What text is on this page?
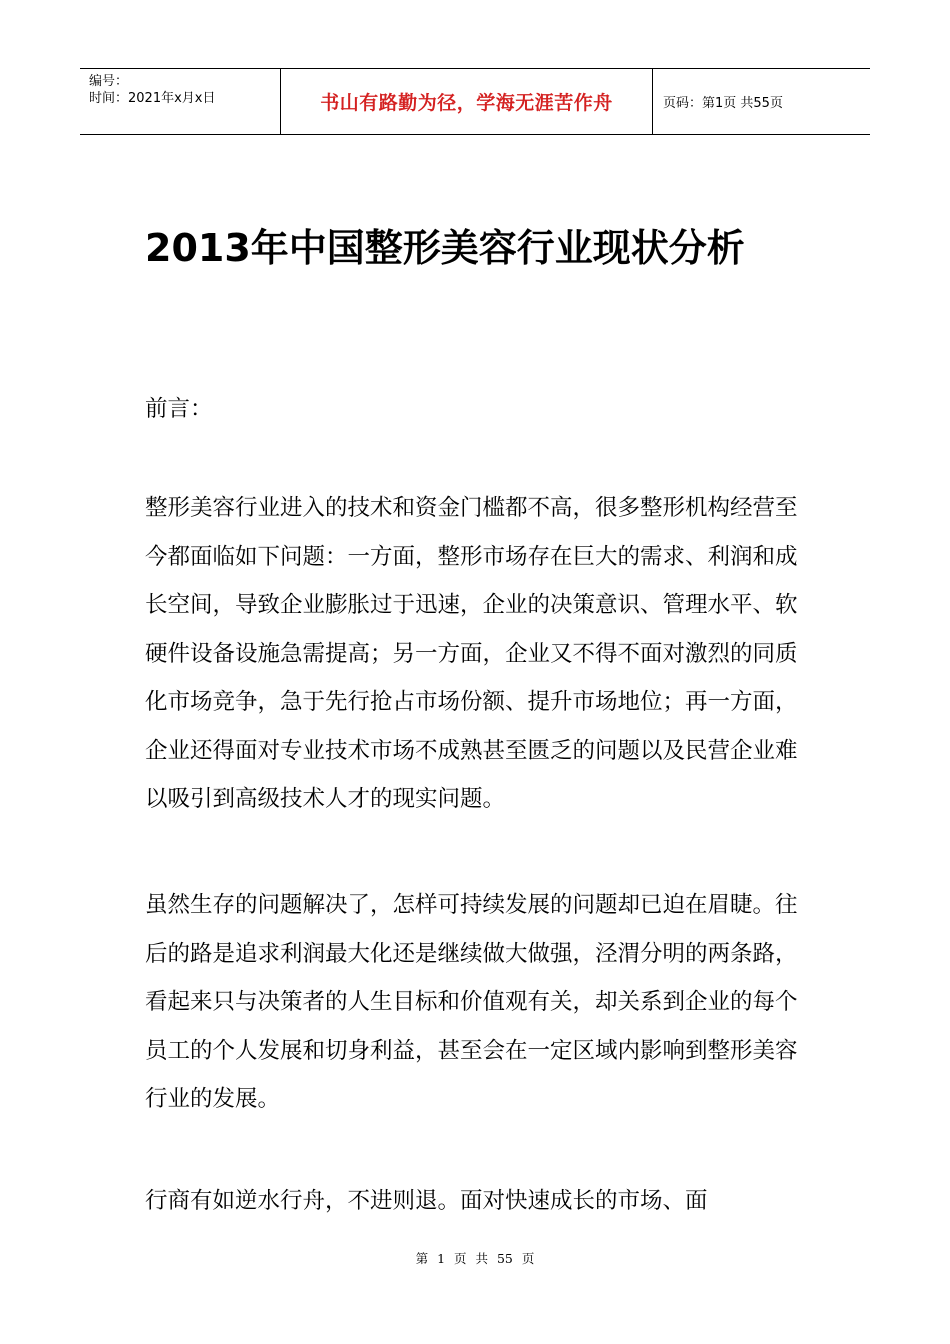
编号：
时间：2021年x月x日	书山有路勤为径，学海无涯苦作舟	页码：第1页 共55页
2013年中国整形美容行业现状分析

前言：

整形美容行业进入的技术和资金门槛都不高，很多整形机构经营至今都面临如下问题：一方面，整形市场存在巨大的需求、利润和成长空间，导致企业膨胀过于迅速，企业的决策意识、管理水平、软硬件设备设施急需提高；另一方面，企业又不得不面对激烈的同质化市场竞争，急于先行抢占市场份额、提升市场地位；再一方面，企业还得面对专业技术市场不成熟甚至匮乏的问题以及民营企业难以吸引到高级技术人才的现实问题。

虽然生存的问题解决了，怎样可持续发展的问题却已迫在眉睫。往后的路是追求利润最大化还是继续做大做强，泾渭分明的两条路，看起来只与决策者的人生目标和价值观有关，却关系到企业的每个员工的个人发展和切身利益，甚至会在一定区域内影响到整形美容行业的发展。

行商有如逆水行舟，不进则退。面对快速成长的市场、面

第 1 页 共 55 页
